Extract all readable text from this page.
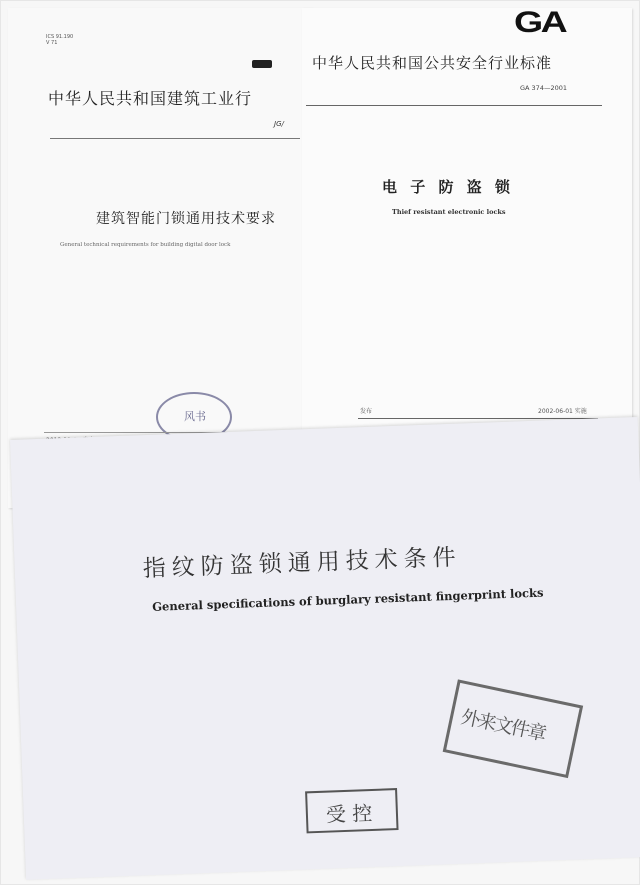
ICS 91.190
V 71
中华人民共和国建筑工业行
JG/
建筑智能门锁通用技术要求
General technical requirements for building digital door lock
风书
GA
中华人民共和国公共安全行业标准
GA 374—2001
电 子 防 盗 锁
Thief resistant electronic locks
发布	2002-06-01 实施
指纹防盗锁通用技术条件
General specifications of burglary resistant fingerprint locks
外来文件章
受 控
